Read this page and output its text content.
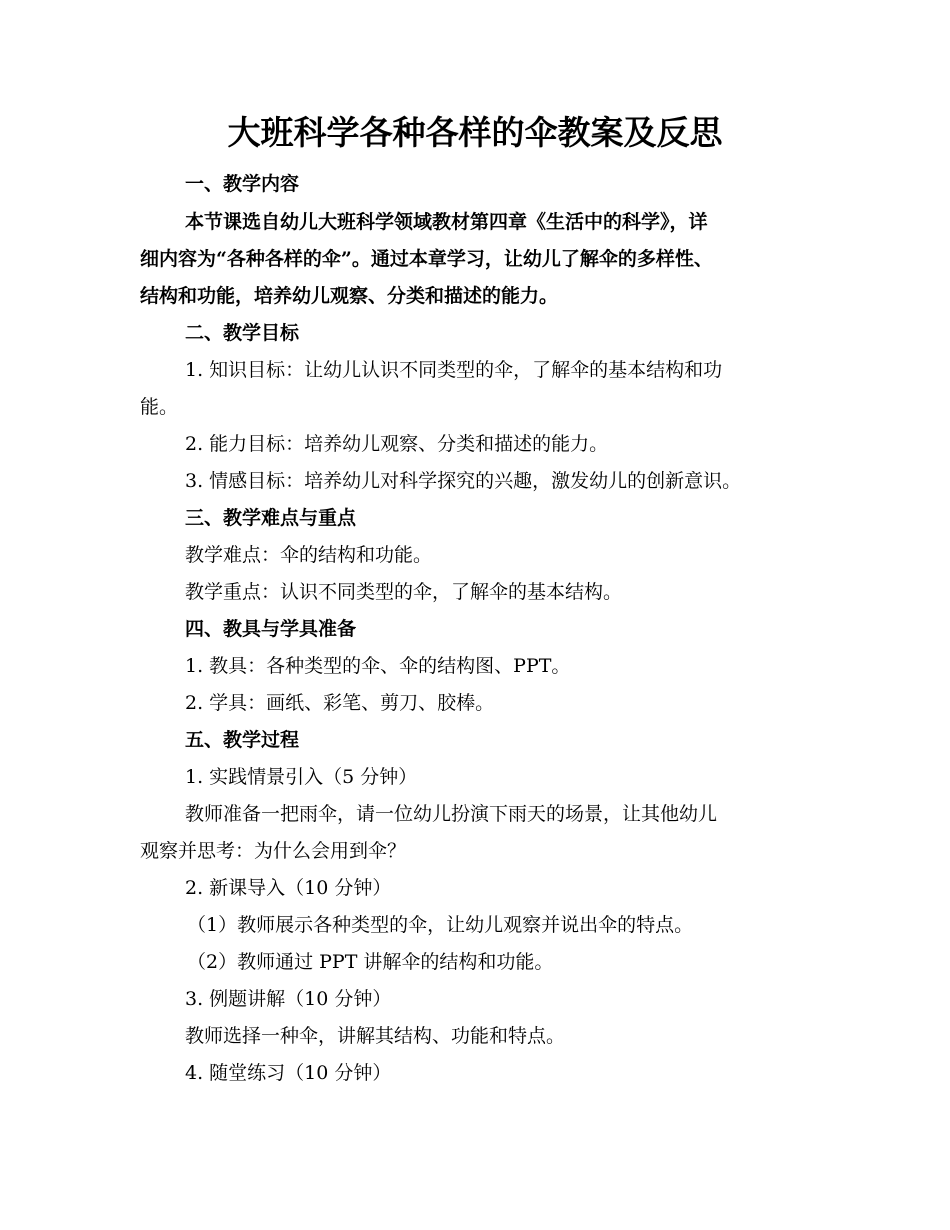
大班科学各种各样的伞教案及反思

一、教学内容

本节课选自幼儿大班科学领域教材第四章《生活中的科学》，详

细内容为“各种各样的伞”。通过本章学习，让幼儿了解伞的多样性、

结构和功能，培养幼儿观察、分类和描述的能力。

二、教学目标

1. 知识目标：让幼儿认识不同类型的伞，了解伞的基本结构和功

能。

2. 能力目标：培养幼儿观察、分类和描述的能力。

3. 情感目标：培养幼儿对科学探究的兴趣，激发幼儿的创新意识。

三、教学难点与重点

教学难点：伞的结构和功能。

教学重点：认识不同类型的伞，了解伞的基本结构。

四、教具与学具准备

1. 教具：各种类型的伞、伞的结构图、PPT。

2. 学具：画纸、彩笔、剪刀、胶棒。

五、教学过程

1. 实践情景引入（5 分钟）

教师准备一把雨伞，请一位幼儿扮演下雨天的场景，让其他幼儿

观察并思考：为什么会用到伞？

2. 新课导入（10 分钟）

（1）教师展示各种类型的伞，让幼儿观察并说出伞的特点。

（2）教师通过 PPT 讲解伞的结构和功能。

3. 例题讲解（10 分钟）

教师选择一种伞，讲解其结构、功能和特点。

4. 随堂练习（10 分钟）
